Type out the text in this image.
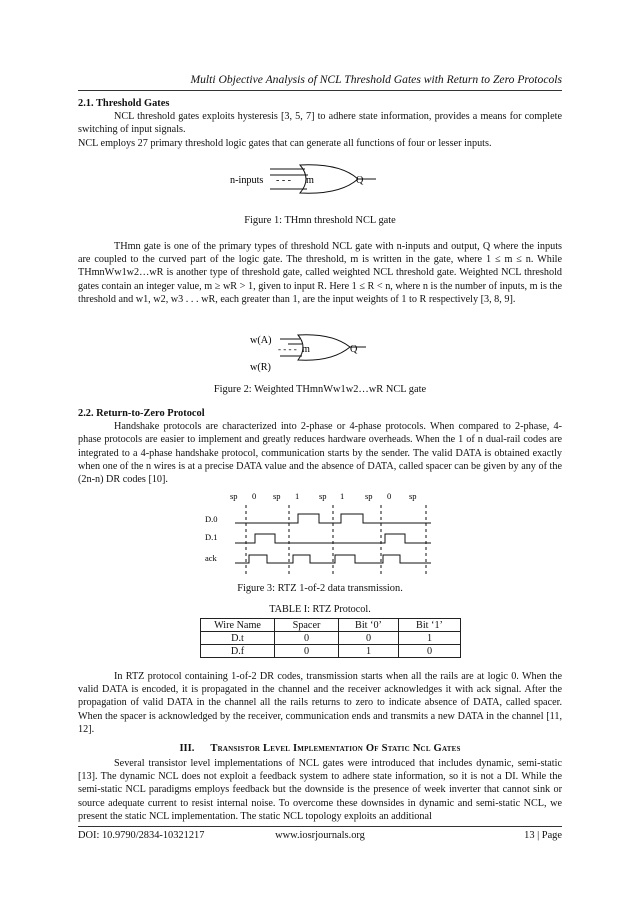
Multi Objective Analysis of NCL Threshold Gates with Return to Zero Protocols
2.1. Threshold Gates
NCL threshold gates exploits hysteresis [3, 5, 7] to adhere state information, provides a means for complete switching of input signals.
NCL employs 27 primary threshold logic gates that can generate all functions of four or lesser inputs.
n-inputs - - - m	Q
Figure 1: THmn threshold NCL gate
THmn gate is one of the primary types of threshold NCL gate with n-inputs and output, Q where the inputs are coupled to the curved part of the logic gate. The threshold, m is written in the gate, where 1 ≤ m ≤ n. While THmnWw1w2…wR is another type of threshold gate, called weighted NCL threshold gate. Weighted NCL threshold gates contain an integer value, m ≥ wR > 1, given to input R. Here 1 ≤ R < n, where n is the number of inputs, m is the threshold and w1, w2, w3 . . . wR, each greater than 1, are the input weights of 1 to R respectively [3, 8, 9].
w(A)
w(R)
- - - - m	Q
Figure 2: Weighted THmnWw1w2…wR NCL gate
2.2. Return-to-Zero Protocol
Handshake protocols are characterized into 2-phase or 4-phase protocols. When compared to 2-phase, 4-phase protocols are easier to implement and greatly reduces hardware overheads. When the 1 of n dual-rail codes are integrated to a 4-phase handshake protocol, communication starts by the sender. The valid DATA is obtained exactly when one of the n wires is at a precise DATA value and the absence of DATA, called spacer can be given by any of the (2n-n) DR codes [10].
sp 0 sp 1 sp 1 sp 0 sp
D.0
D.1
ack
Figure 3: RTZ 1-of-2 data transmission.
TABLE I: RTZ Protocol.
Wire Name	Spacer	Bit ‘0’	Bit ‘1’
D.t	0	0	1
D.f	0	1	0
In RTZ protocol containing 1-of-2 DR codes, transmission starts when all the rails are at logic 0. When the valid DATA is encoded, it is propagated in the channel and the receiver acknowledges it with ack signal. After the propagation of valid DATA in the channel all the rails returns to zero to indicate absence of DATA, called spacer. When the spacer is acknowledged by the receiver, communication ends and transmits a new DATA in the channel [11, 12].
III. Transistor Level Implementation Of Static Ncl Gates
Several transistor level implementations of NCL gates were introduced that includes dynamic, semi-static [13]. The dynamic NCL does not exploit a feedback system to adhere state information, so it is not a DI. While the semi-static NCL paradigms employs feedback but the downside is the presence of week inverter that cannot sink or source adequate current to resist internal noise. To overcome these downsides in dynamic and semi-static NCL, we present the static NCL implementation. The static NCL topology exploits an additional
DOI: 10.9790/2834-10321217	www.iosrjournals.org	13 | Page
